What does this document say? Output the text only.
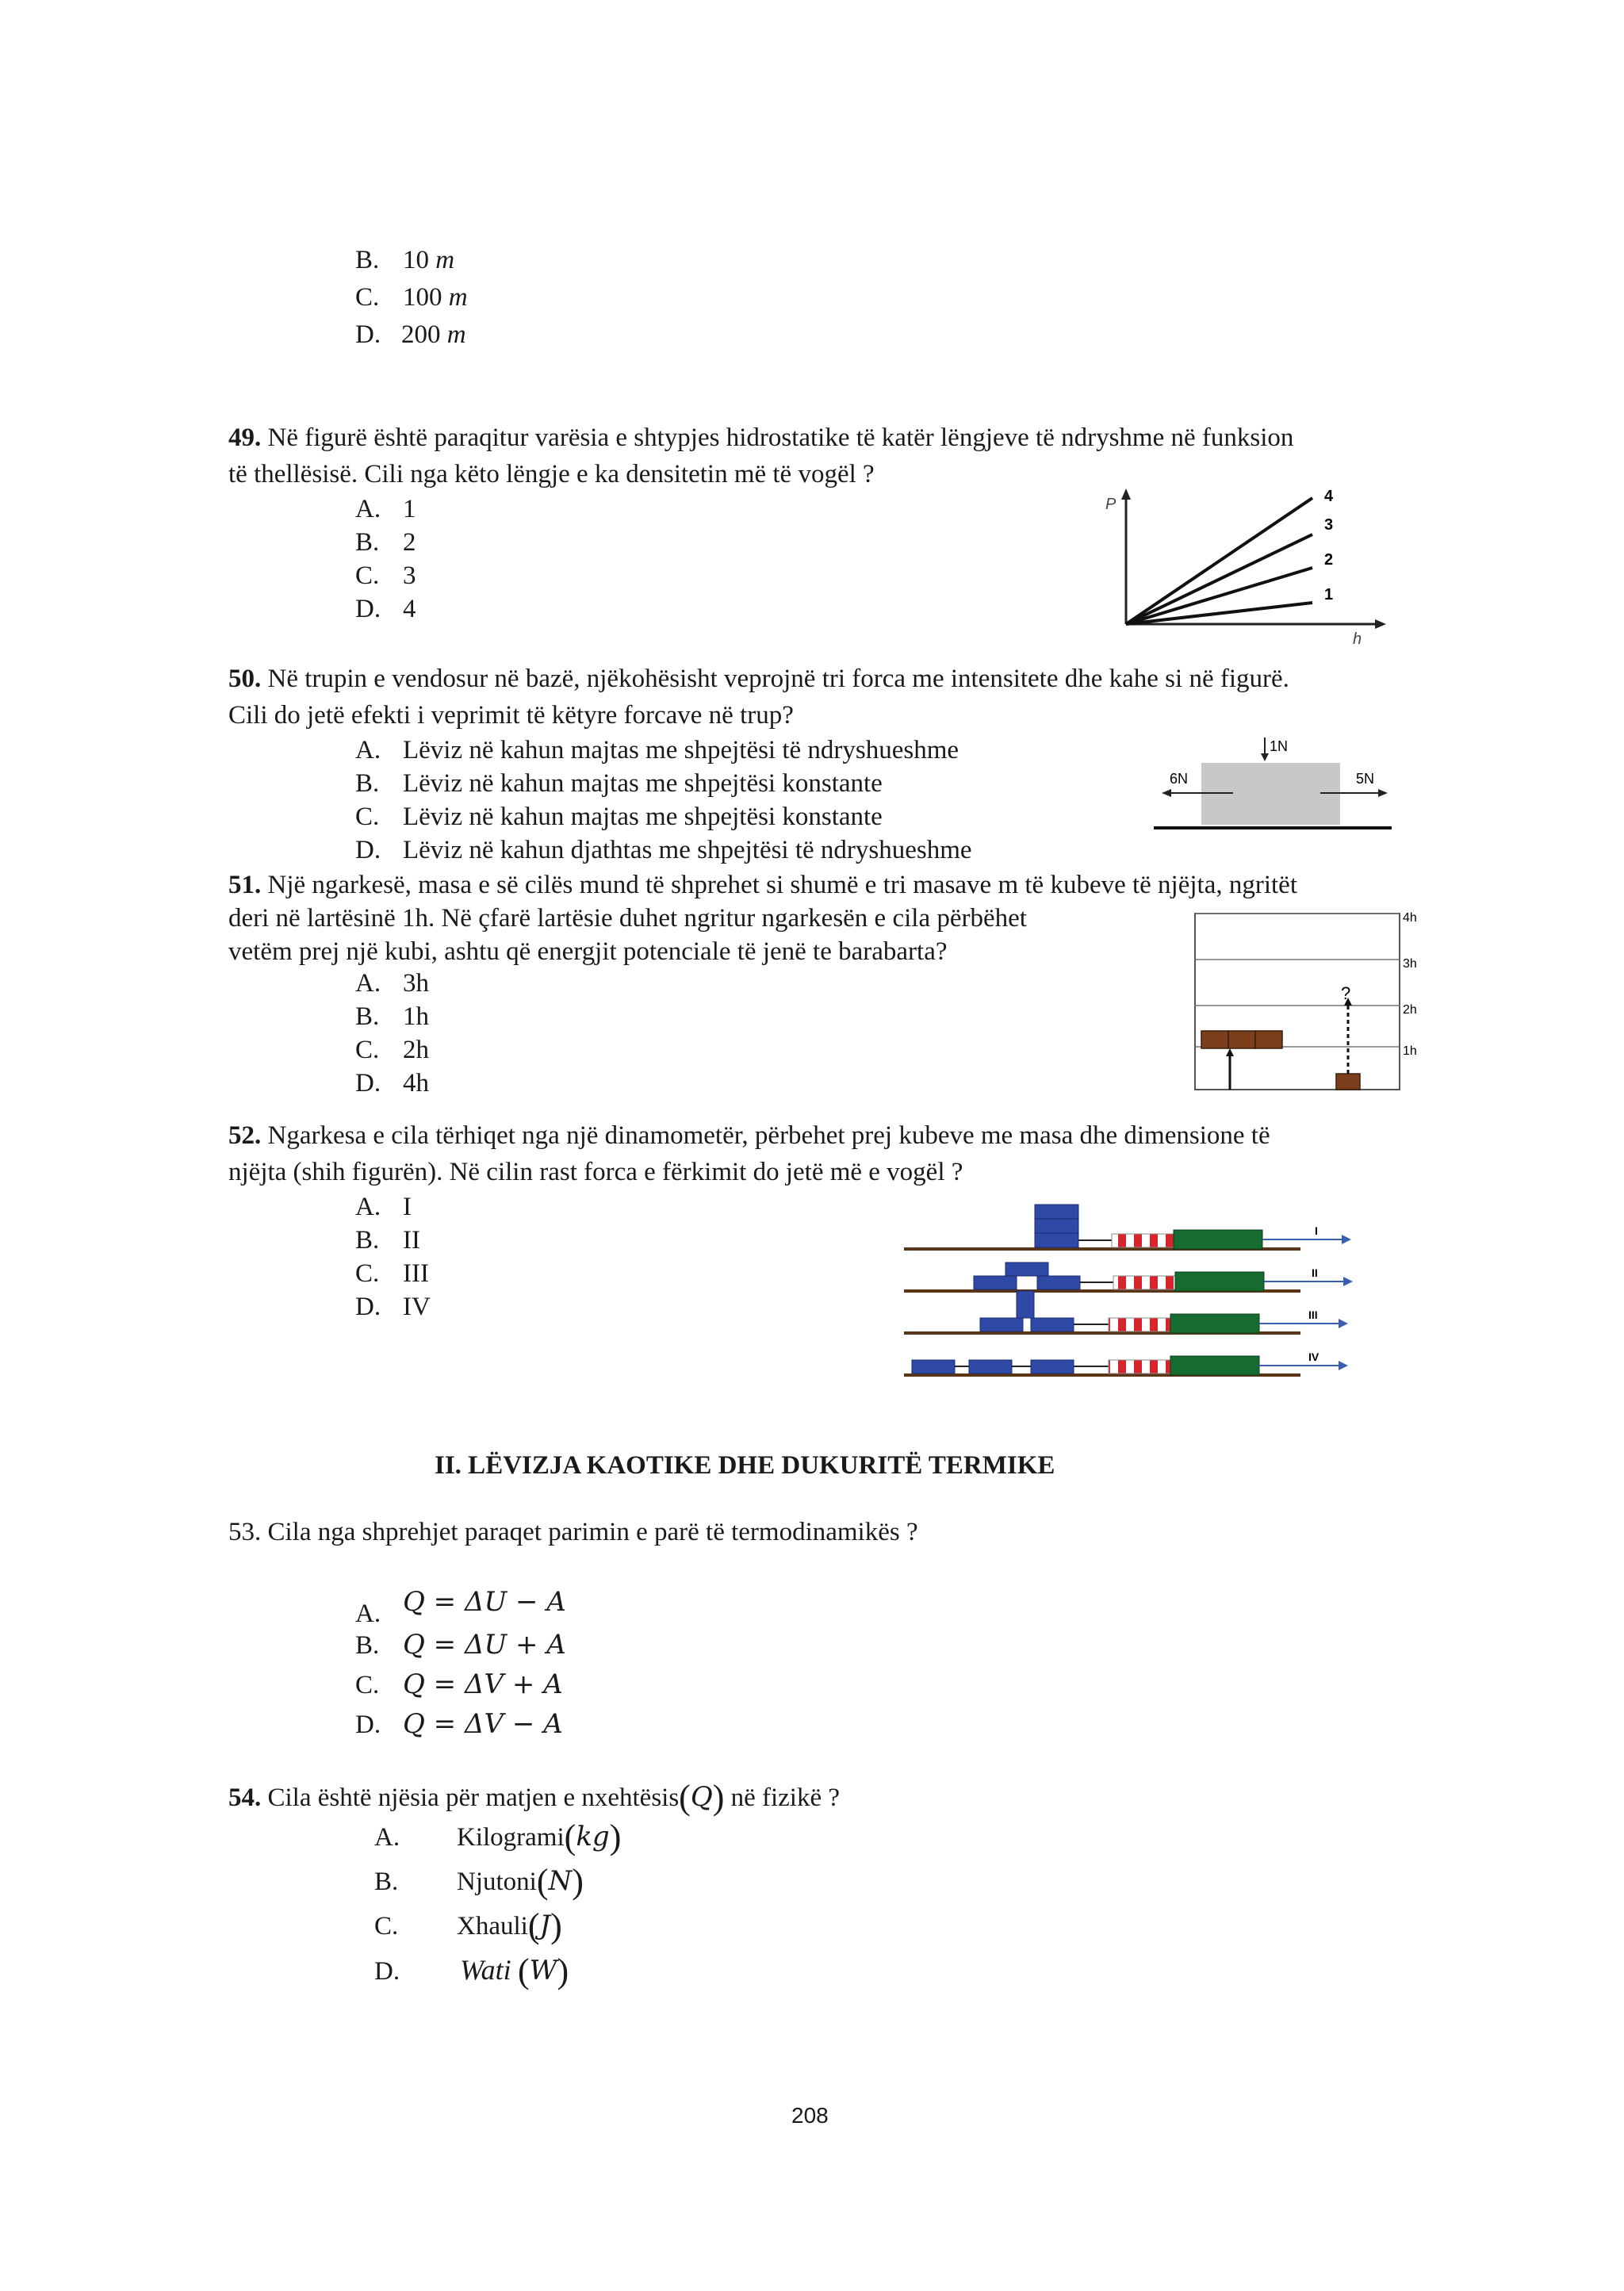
B. 10 m
C. 100 m
D. 200 m
49. Në figurë është paraqitur varësia e shtypjes hidrostatike të katër lëngjeve të ndryshme në funksion
të thellësisë. Cili nga këto lëngje e ka densitetin më të vogël ?
A. 1
B. 2
C. 3
D. 4
P
h
4
3
2
1
50. Në trupin e vendosur në bazë, njëkohësisht veprojnë tri forca me intensitete dhe kahe si në figurë.
Cili do jetë efekti i veprimit të këtyre forcave në trup?
A. Lëviz në kahun majtas me shpejtësi të ndryshueshme
B. Lëviz në kahun majtas me shpejtësi konstante
C. Lëviz në kahun majtas me shpejtësi konstante
D. Lëviz në kahun djathtas me shpejtësi të ndryshueshme
1N
6N	5N
51. Një ngarkesë, masa e së cilës mund të shprehet si shumë e tri masave m të kubeve të njëjta, ngritët
deri në lartësinë 1h. Në çfarë lartësie duhet ngritur ngarkesën e cila përbëhet
vetëm prej një kubi, ashtu që energjit potenciale të jenë te barabarta?
A. 3h
B. 1h
C. 2h
D. 4h
4h
3h
2h
1h
?
52. Ngarkesa e cila tërhiqet nga një dinamometër, përbehet prej kubeve me masa dhe dimensione të
njëjta (shih figurën). Në cilin rast forca e fërkimit do jetë më e vogël ?
A. I
B. II
C. III
D. IV
I
II
III
IV
II. LËVIZJA KAOTIKE DHE DUKURITË TERMIKE
53. Cila nga shprehjet paraqet parimin e parë të termodinamikës ?
A. Q = ΔU − A
B. Q = ΔU + A
C. Q = ΔV + A
D. Q = ΔV − A
54. Cila është njësia për matjen e nxehtësis(Q) në fizikë ?
A. Kilogrami(kg)
B. Njutoni(N)
C. Xhauli(J)
D. Wati (W)
208
